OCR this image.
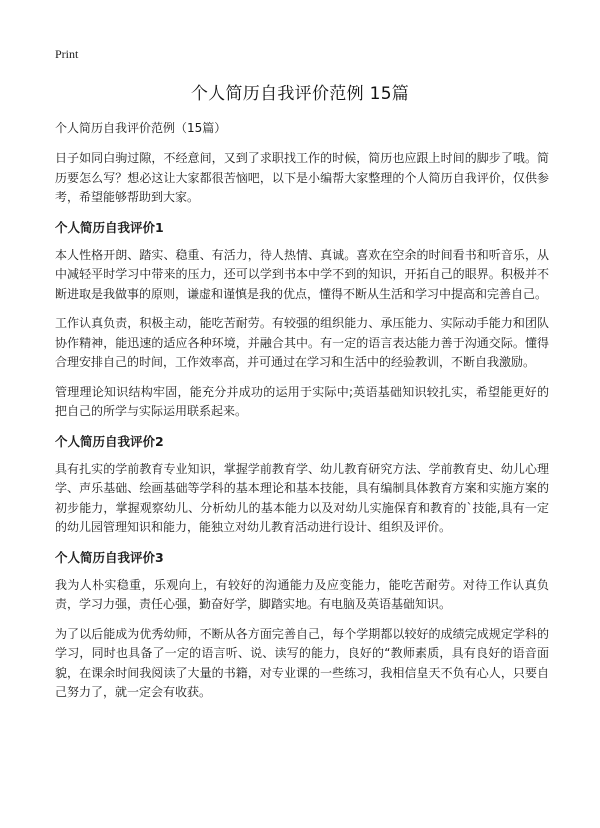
Print
个人简历自我评价范例 15篇
个人简历自我评价范例（15篇）

日子如同白驹过隙，不经意间，又到了求职找工作的时候，简历也应跟上时间的脚步了哦。简历要怎么写？想必这让大家都很苦恼吧，以下是小编帮大家整理的个人简历自我评价，仅供参考，希望能够帮助到大家。

个人简历自我评价1

本人性格开朗、踏实、稳重、有活力，待人热情、真诚。喜欢在空余的时间看书和听音乐，从中减轻平时学习中带来的压力，还可以学到书本中学不到的知识，开拓自己的眼界。积极并不断进取是我做事的原则，谦虚和谨慎是我的优点，懂得不断从生活和学习中提高和完善自己。

工作认真负责，积极主动，能吃苦耐劳。有较强的组织能力、承压能力、实际动手能力和团队协作精神，能迅速的适应各种环境，并融合其中。有一定的语言表达能力善于沟通交际。懂得合理安排自己的时间，工作效率高，并可通过在学习和生活中的经验教训，不断自我激励。

管理理论知识结构牢固，能充分并成功的运用于实际中;英语基础知识较扎实，希望能更好的把自己的所学与实际运用联系起来。

个人简历自我评价2

具有扎实的学前教育专业知识，掌握学前教育学、幼儿教育研究方法、学前教育史、幼儿心理学、声乐基础、绘画基础等学科的基本理论和基本技能，具有编制具体教育方案和实施方案的初步能力，掌握观察幼儿、分析幼儿的基本能力以及对幼儿实施保育和教育的`技能,具有一定的幼儿园管理知识和能力，能独立对幼儿教育活动进行设计、组织及评价。

个人简历自我评价3

我为人朴实稳重，乐观向上，有较好的沟通能力及应变能力，能吃苦耐劳。对待工作认真负责，学习力强，责任心强，勤奋好学，脚踏实地。有电脑及英语基础知识。

为了以后能成为优秀幼师，不断从各方面完善自己，每个学期都以较好的成绩完成规定学科的学习，同时也具备了一定的语言听、说、读写的能力，良好的“教师素质，具有良好的语音面貌，在课余时间我阅读了大量的书籍，对专业课的一些练习，我相信皇天不负有心人，只要自己努力了，就一定会有收获。
